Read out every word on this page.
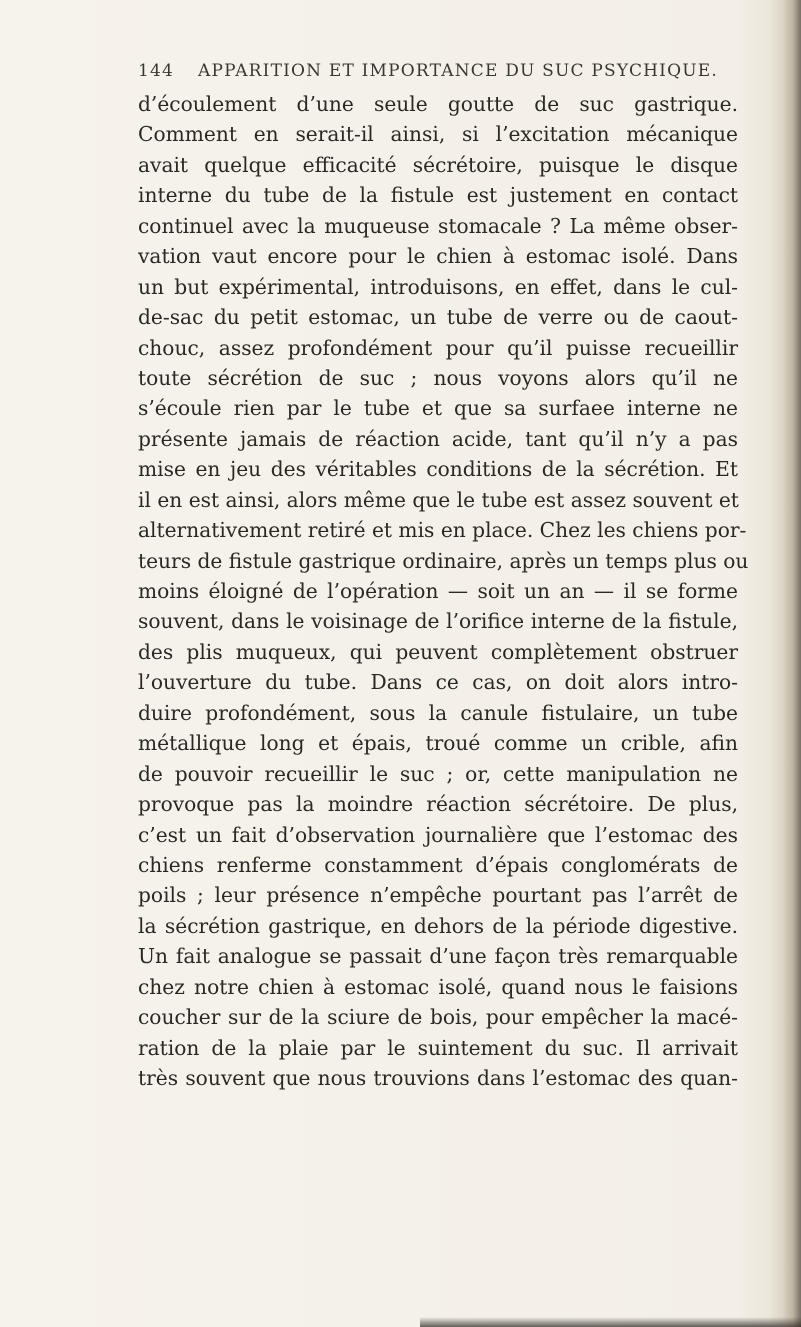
144 APPARITION ET IMPORTANCE DU SUC PSYCHIQUE.
d’écoulement d’une seule goutte de suc gastrique.
Comment en serait-il ainsi, si l’excitation mécanique
avait quelque efficacité sécrétoire, puisque le disque
interne du tube de la fistule est justement en contact
continuel avec la muqueuse stomacale ? La même obser-
vation vaut encore pour le chien à estomac isolé. Dans
un but expérimental, introduisons, en effet, dans le cul-
de-sac du petit estomac, un tube de verre ou de caout-
chouc, assez profondément pour qu’il puisse recueillir
toute sécrétion de suc ; nous voyons alors qu’il ne
s’écoule rien par le tube et que sa surfaee interne ne
présente jamais de réaction acide, tant qu’il n’y a pas
mise en jeu des véritables conditions de la sécrétion. Et
il en est ainsi, alors même que le tube est assez souvent et
alternativement retiré et mis en place. Chez les chiens por-
teurs de fistule gastrique ordinaire, après un temps plus ou
moins éloigné de l’opération — soit un an — il se forme
souvent, dans le voisinage de l’orifice interne de la fistule,
des plis muqueux, qui peuvent complètement obstruer
l’ouverture du tube. Dans ce cas, on doit alors intro-
duire profondément, sous la canule fistulaire, un tube
métallique long et épais, troué comme un crible, afin
de pouvoir recueillir le suc ; or, cette manipulation ne
provoque pas la moindre réaction sécrétoire. De plus,
c’est un fait d’observation journalière que l’estomac des
chiens renferme constamment d’épais conglomérats de
poils ; leur présence n’empêche pourtant pas l’arrêt de
la sécrétion gastrique, en dehors de la période digestive.
Un fait analogue se passait d’une façon très remarquable
chez notre chien à estomac isolé, quand nous le faisions
coucher sur de la sciure de bois, pour empêcher la macé-
ration de la plaie par le suintement du suc. Il arrivait
très souvent que nous trouvions dans l’estomac des quan-
